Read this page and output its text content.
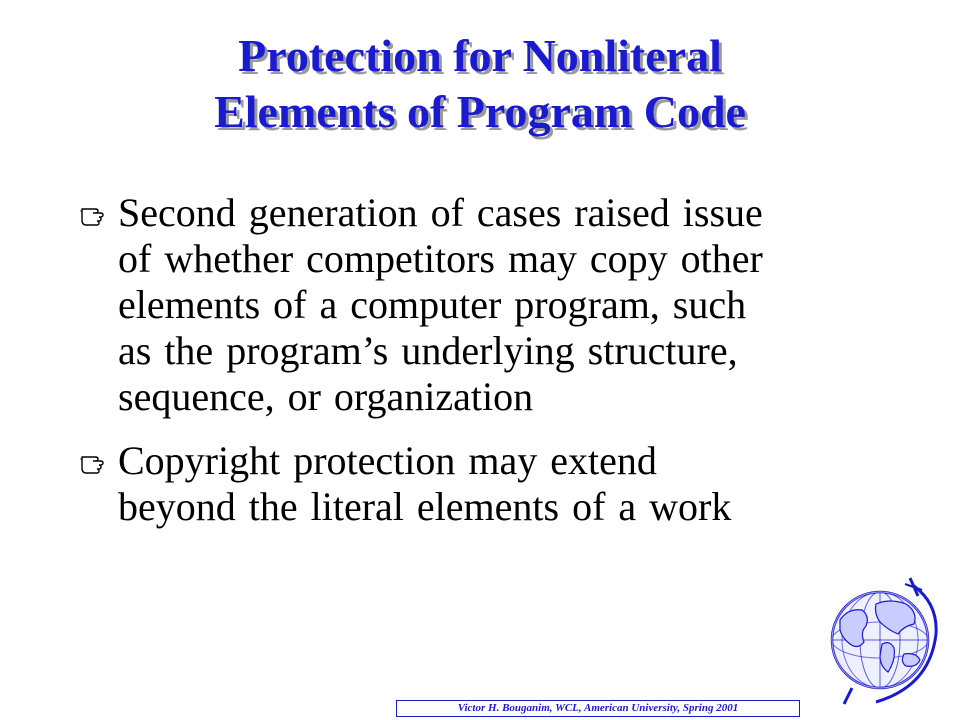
Protection for Nonliteral
Elements of Program Code
Second generation of cases raised issue
of whether competitors may copy other
elements of a computer program, such
as the program’s underlying structure,
sequence, or organization
Copyright protection may extend
beyond the literal elements of a work
Victor H. Bouganim, WCL, American University, Spring 2001
